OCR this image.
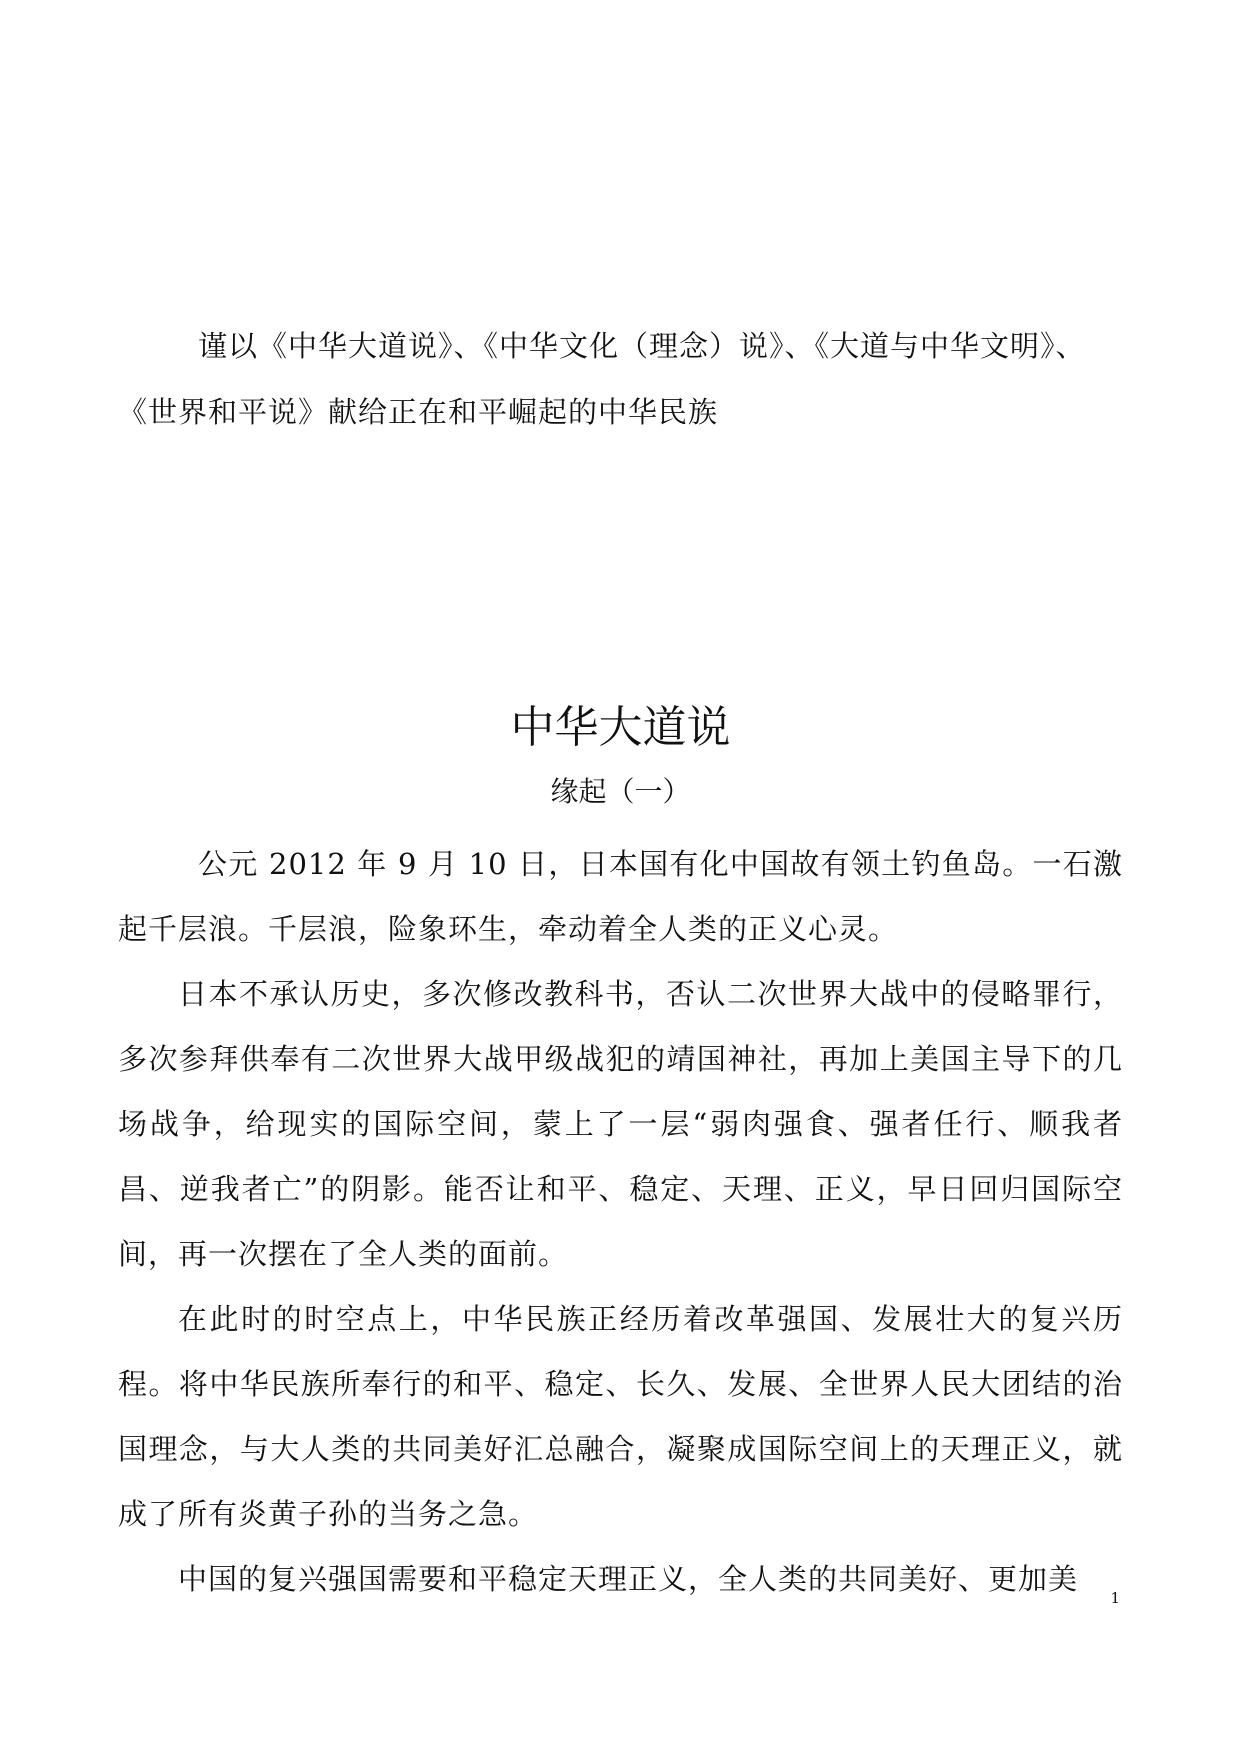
谨以《中华大道说》、《中华文化（理念）说》、《大道与中华文明》、《世界和平说》献给正在和平崛起的中华民族

中华大道说
缘起（一）

公元 2012 年 9 月 10 日，日本国有化中国故有领土钓鱼岛。一石激起千层浪。千层浪，险象环生，牵动着全人类的正义心灵。

日本不承认历史，多次修改教科书，否认二次世界大战中的侵略罪行，多次参拜供奉有二次世界大战甲级战犯的靖国神社，再加上美国主导下的几场战争，给现实的国际空间，蒙上了一层“弱肉强食、强者任行、顺我者昌、逆我者亡”的阴影。能否让和平、稳定、天理、正义，早日回归国际空间，再一次摆在了全人类的面前。

在此时的时空点上，中华民族正经历着改革强国、发展壮大的复兴历程。将中华民族所奉行的和平、稳定、长久、发展、全世界人民大团结的治国理念，与大人类的共同美好汇总融合，凝聚成国际空间上的天理正义，就成了所有炎黄子孙的当务之急。

中国的复兴强国需要和平稳定天理正义，全人类的共同美好、更加美

1
